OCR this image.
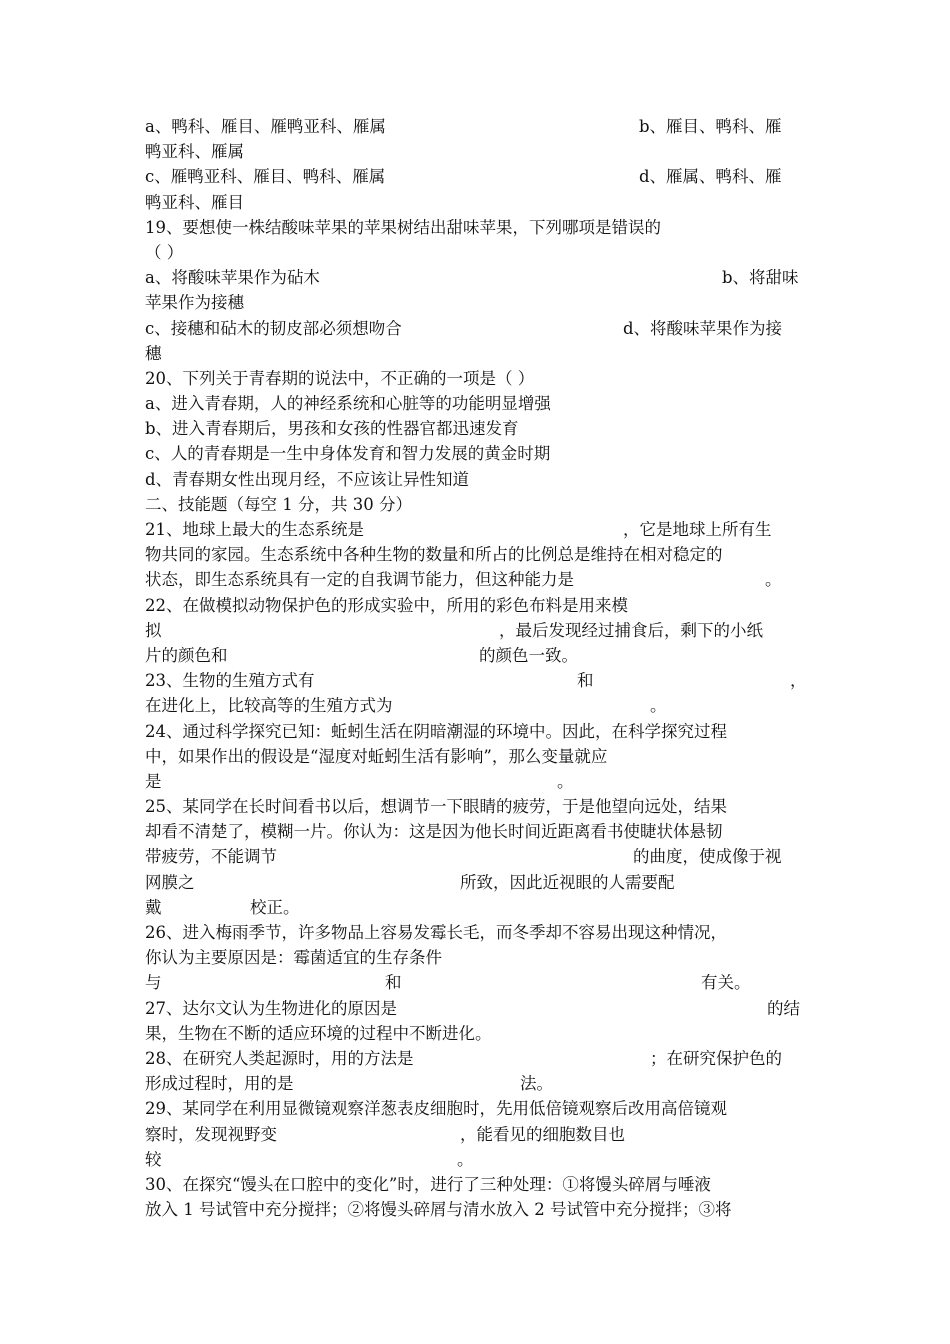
a、鸭科、雁目、雁鸭亚科、雁属	b、雁目、鸭科、雁
鸭亚科、雁属
c、雁鸭亚科、雁目、鸭科、雁属	d、雁属、鸭科、雁
鸭亚科、雁目
19、要想使一株结酸味苹果的苹果树结出甜味苹果，下列哪项是错误的
（ ）
a、将酸味苹果作为砧木	b、将甜味
苹果作为接穗
c、接穗和砧木的韧皮部必须想吻合	d、将酸味苹果作为接
穗
20、下列关于青春期的说法中，不正确的一项是（ ）
a、进入青春期，人的神经系统和心脏等的功能明显增强
b、进入青春期后，男孩和女孩的性器官都迅速发育
c、人的青春期是一生中身体发育和智力发展的黄金时期
d、青春期女性出现月经，不应该让异性知道
二、技能题（每空 1 分，共 30 分）
21、地球上最大的生态系统是	，它是地球上所有生
物共同的家园。生态系统中各种生物的数量和所占的比例总是维持在相对稳定的
状态，即生态系统具有一定的自我调节能力，但这种能力是	。
22、在做模拟动物保护色的形成实验中，所用的彩色布料是用来模
拟	，最后发现经过捕食后，剩下的小纸
片的颜色和	的颜色一致。
23、生物的生殖方式有	和	，
在进化上，比较高等的生殖方式为	。
24、通过科学探究已知：蚯蚓生活在阴暗潮湿的环境中。因此，在科学探究过程
中，如果作出的假设是“湿度对蚯蚓生活有影响”，那么变量就应
是	。
25、某同学在长时间看书以后，想调节一下眼睛的疲劳，于是他望向远处，结果
却看不清楚了，模糊一片。你认为：这是因为他长时间近距离看书使睫状体悬韧
带疲劳，不能调节	的曲度，使成像于视
网膜之	所致，因此近视眼的人需要配
戴	校正。
26、进入梅雨季节，许多物品上容易发霉长毛，而冬季却不容易出现这种情况，
你认为主要原因是：霉菌适宜的生存条件
与	和	有关。
27、达尔文认为生物进化的原因是	的结
果，生物在不断的适应环境的过程中不断进化。
28、在研究人类起源时，用的方法是	；在研究保护色的
形成过程时，用的是	法。
29、某同学在利用显微镜观察洋葱表皮细胞时，先用低倍镜观察后改用高倍镜观
察时，发现视野变	，能看见的细胞数目也
较	。
30、在探究“馒头在口腔中的变化”时，进行了三种处理：①将馒头碎屑与唾液
放入 1 号试管中充分搅拌；②将馒头碎屑与清水放入 2 号试管中充分搅拌；③将
